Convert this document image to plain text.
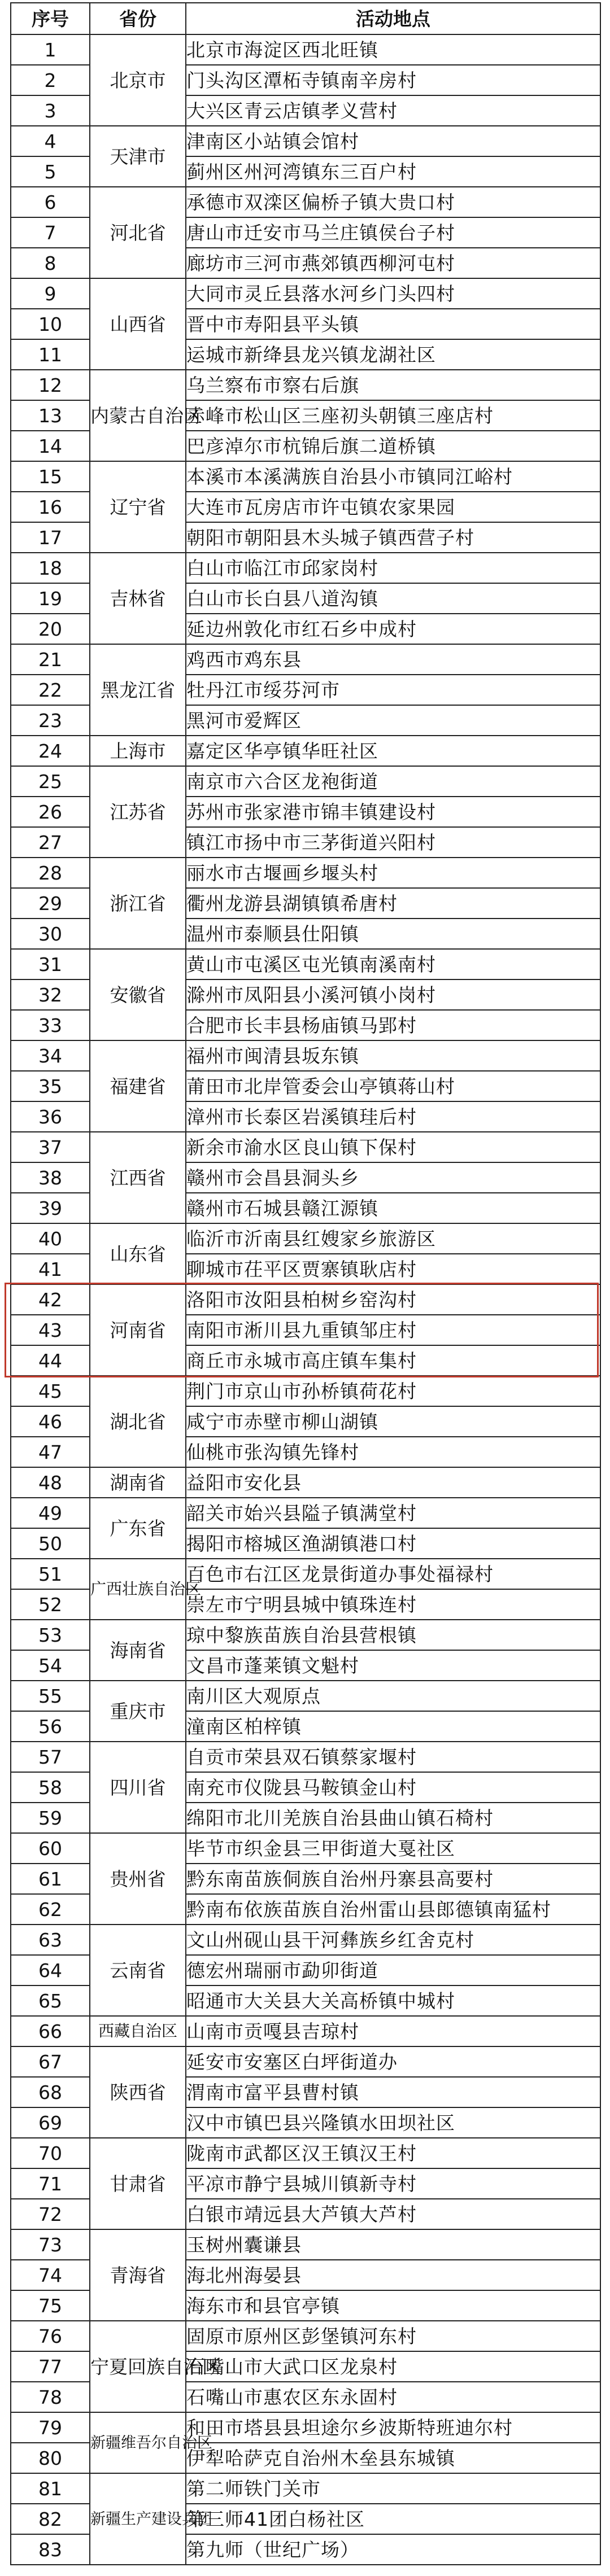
序号	省份	活动地点
1	北京市	北京市海淀区西北旺镇
2		门头沟区潭柘寺镇南辛房村
3		大兴区青云店镇孝义营村
4	天津市	津南区小站镇会馆村
5		蓟州区州河湾镇东三百户村
6	河北省	承德市双滦区偏桥子镇大贵口村
7		唐山市迁安市马兰庄镇侯台子村
8		廊坊市三河市燕郊镇西柳河屯村
9	山西省	大同市灵丘县落水河乡门头四村
10		晋中市寿阳县平头镇
11		运城市新绛县龙兴镇龙湖社区
12	内蒙古自治区	乌兰察布市察右后旗
13		赤峰市松山区三座初头朝镇三座店村
14		巴彦淖尔市杭锦后旗二道桥镇
15	辽宁省	本溪市本溪满族自治县小市镇同江峪村
16		大连市瓦房店市许屯镇农家果园
17		朝阳市朝阳县木头城子镇西营子村
18	吉林省	白山市临江市邱家岗村
19		白山市长白县八道沟镇
20		延边州敦化市红石乡中成村
21	黑龙江省	鸡西市鸡东县
22		牡丹江市绥芬河市
23		黑河市爱辉区
24	上海市	嘉定区华亭镇华旺社区
25	江苏省	南京市六合区龙袍街道
26		苏州市张家港市锦丰镇建设村
27		镇江市扬中市三茅街道兴阳村
28	浙江省	丽水市古堰画乡堰头村
29		衢州龙游县湖镇镇希唐村
30		温州市泰顺县仕阳镇
31	安徽省	黄山市屯溪区屯光镇南溪南村
32		滁州市凤阳县小溪河镇小岗村
33		合肥市长丰县杨庙镇马郢村
34	福建省	福州市闽清县坂东镇
35		莆田市北岸管委会山亭镇蒋山村
36		漳州市长泰区岩溪镇珪后村
37	江西省	新余市渝水区良山镇下保村
38		赣州市会昌县洞头乡
39		赣州市石城县赣江源镇
40	山东省	临沂市沂南县红嫂家乡旅游区
41		聊城市茌平区贾寨镇耿店村
42	河南省	洛阳市汝阳县柏树乡窑沟村
43		南阳市淅川县九重镇邹庄村
44		商丘市永城市高庄镇车集村
45	湖北省	荆门市京山市孙桥镇荷花村
46		咸宁市赤壁市柳山湖镇
47		仙桃市张沟镇先锋村
48	湖南省	益阳市安化县
49	广东省	韶关市始兴县隘子镇满堂村
50		揭阳市榕城区渔湖镇港口村
51	广西壮族自治区	百色市右江区龙景街道办事处福禄村
52		崇左市宁明县城中镇珠连村
53	海南省	琼中黎族苗族自治县营根镇
54		文昌市蓬莱镇文魁村
55	重庆市	南川区大观原点
56		潼南区柏梓镇
57	四川省	自贡市荣县双石镇蔡家堰村
58		南充市仪陇县马鞍镇金山村
59		绵阳市北川羌族自治县曲山镇石椅村
60	贵州省	毕节市织金县三甲街道大戛社区
61		黔东南苗族侗族自治州丹寨县高要村
62		黔南布依族苗族自治州雷山县郎德镇南猛村
63	云南省	文山州砚山县干河彝族乡红舍克村
64		德宏州瑞丽市勐卯街道
65		昭通市大关县大关高桥镇中城村
66	西藏自治区	山南市贡嘎县吉琼村
67	陕西省	延安市安塞区白坪街道办
68		渭南市富平县曹村镇
69		汉中市镇巴县兴隆镇水田坝社区
70	甘肃省	陇南市武都区汉王镇汉王村
71		平凉市静宁县城川镇新寺村
72		白银市靖远县大芦镇大芦村
73	青海省	玉树州囊谦县
74		海北州海晏县
75		海东市和县官亭镇
76	宁夏回族自治区	固原市原州区彭堡镇河东村
77		石嘴山市大武口区龙泉村
78		石嘴山市惠农区东永固村
79	新疆维吾尔自治区	和田市塔县县坦途尔乡波斯特班迪尔村
80		伊犁哈萨克自治州木垒县东城镇
81	新疆生产建设兵团	第二师铁门关市
82		第三师41团白杨社区
83		第九师（世纪广场）
